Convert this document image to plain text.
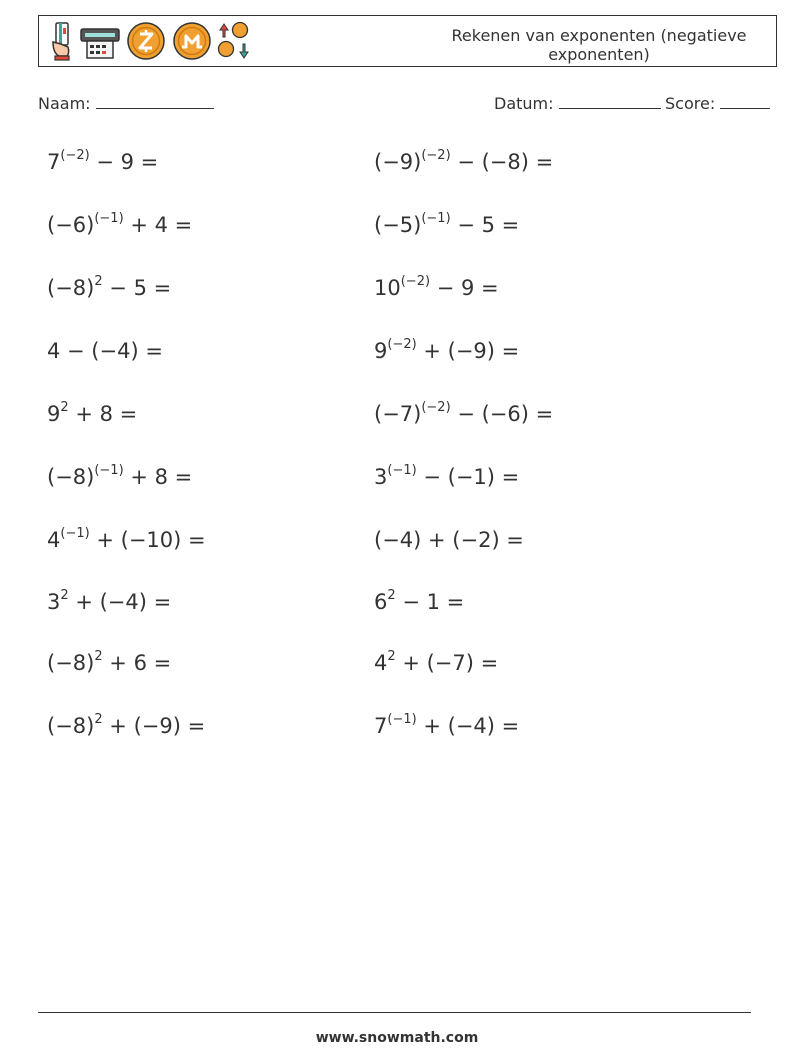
Rekenen van exponenten (negatieve exponenten)
Naam:	Datum:	Score:
$7^{(-2)} - 9$ =	$(-9)^{(-2)} - (-8)$ =
$(-6)^{(-1)} + 4$ =	$(-5)^{(-1)} - 5$ =
$(-8)^2 - 5$ =	$10^{(-2)} - 9$ =
4 − (−4) =	$9^{(-2)} + (-9)$ =
$9^2 + 8$ =	$(-7)^{(-2)} - (-6)$ =
$(-8)^{(-1)} + 8$ =	$3^{(-1)} - (-1)$ =
$4^{(-1)} + (-10)$ =	(−4) + (−2) =
$3^2 + (-4)$ =	$6^2 - 1$ =
$(-8)^2 + 6$ =	$4^2 + (-7)$ =
$(-8)^2 + (-9)$ =	$7^{(-1)} + (-4)$ =
www.snowmath.com
